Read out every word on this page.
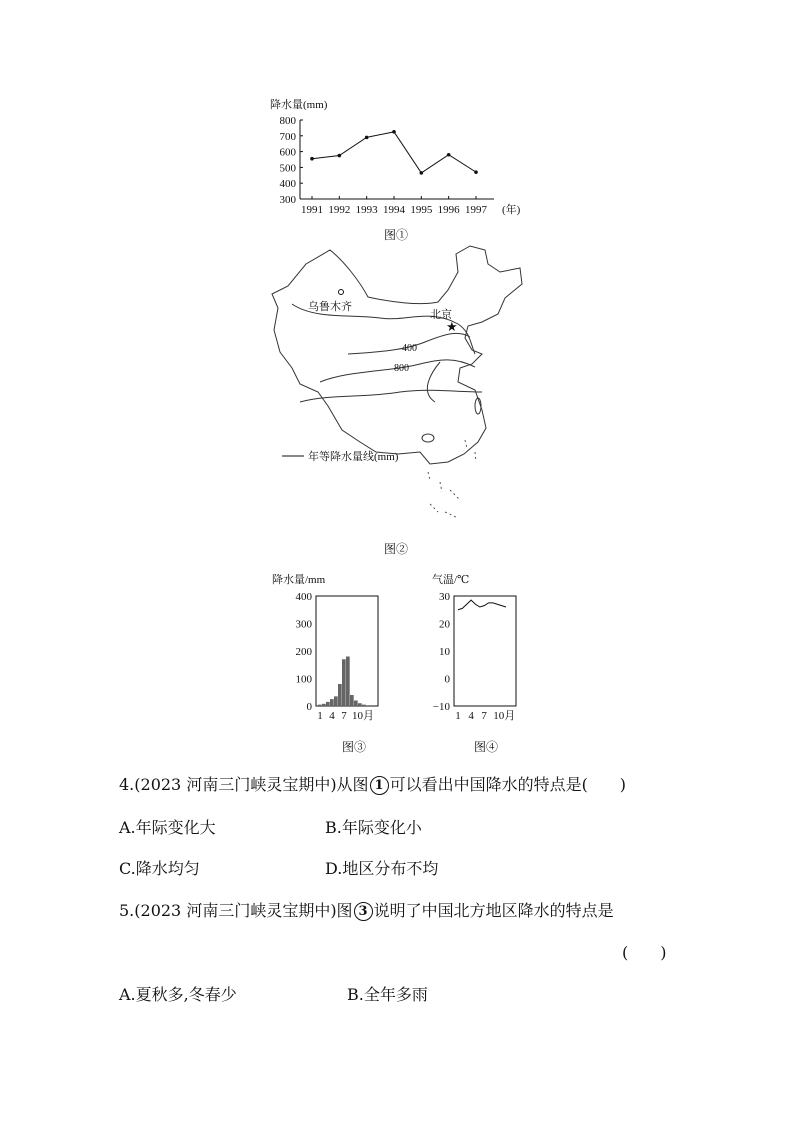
降水量(mm)
800
700
600
500
400
300
1991 1992 1993 1994 1995 1996 1997 (年)
图①
乌鲁木齐
北京
★
400
800
年等降水量线(mm)
图②
降水量/mm
400
300
200
100
0
1 4 7 10月
图③
气温/℃
30
20
10
0
−10
1 4 7 10月
图④
4.(2023 河南三门峡灵宝期中)从图 1 可以看出中国降水的特点是(　　)
A.年际变化大	B.年际变化小
C.降水均匀	D.地区分布不均
5.(2023 河南三门峡灵宝期中)图 3 说明了中国北方地区降水的特点是
(　　)
A.夏秋多,冬春少	B.全年多雨
